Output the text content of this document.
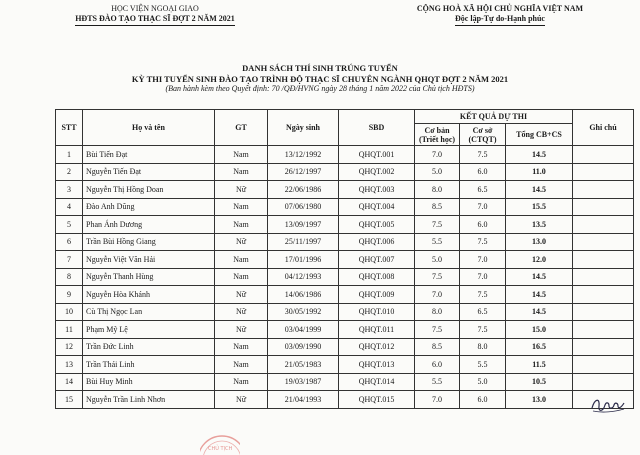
HỌC VIỆN NGOẠI GIAO
HĐTS ĐÀO TẠO THẠC SĨ ĐỢT 2 NĂM 2021
CỘNG HOÀ XÃ HỘI CHỦ NGHĨA VIỆT NAM
Độc lập-Tự do-Hạnh phúc
DANH SÁCH THÍ SINH TRÚNG TUYỂN
KỲ THI TUYỂN SINH ĐÀO TẠO TRÌNH ĐỘ THẠC SĨ CHUYÊN NGÀNH QHQT ĐỢT 2 NĂM 2021
(Ban hành kèm theo Quyết định: 70 /QĐ/HVNG ngày 28 tháng 1 năm 2022 của Chủ tịch HĐTS)
STT	Họ và tên	GT	Ngày sinh	SBD	KẾT QUẢ DỰ THI			Ghi chú
					Cơ bản (Triết học)	Cơ sở (CTQT)	Tổng CB+CS	
1	Bùi Tiến Đạt	Nam	13/12/1992	QHQT.001	7.0	7.5	14.5	
2	Nguyễn Tiến Đạt	Nam	26/12/1997	QHQT.002	5.0	6.0	11.0	
3	Nguyễn Thị Hồng Doan	Nữ	22/06/1986	QHQT.003	8.0	6.5	14.5	
4	Đào Anh Dũng	Nam	07/06/1980	QHQT.004	8.5	7.0	15.5	
5	Phan Ánh Dương	Nam	13/09/1997	QHQT.005	7.5	6.0	13.5	
6	Trần Bùi Hồng Giang	Nữ	25/11/1997	QHQT.006	5.5	7.5	13.0	
7	Nguyễn Việt Văn Hải	Nam	17/01/1996	QHQT.007	5.0	7.0	12.0	
8	Nguyễn Thanh Hùng	Nam	04/12/1993	QHQT.008	7.5	7.0	14.5	
9	Nguyễn Hòa Khánh	Nữ	14/06/1986	QHQT.009	7.0	7.5	14.5	
10	Cù Thị Ngọc Lan	Nữ	30/05/1992	QHQT.010	8.0	6.5	14.5	
11	Phạm Mỹ Lệ	Nữ	03/04/1999	QHQT.011	7.5	7.5	15.0	
12	Trần Đức Linh	Nam	03/09/1990	QHQT.012	8.5	8.0	16.5	
13	Trần Thái Linh	Nam	21/05/1983	QHQT.013	6.0	5.5	11.5	
14	Bùi Huy Minh	Nam	19/03/1987	QHQT.014	5.5	5.0	10.5	
15	Nguyễn Trần Linh Nhơn	Nữ	21/04/1993	QHQT.015	7.0	6.0	13.0	
CHỦ TỊCH
